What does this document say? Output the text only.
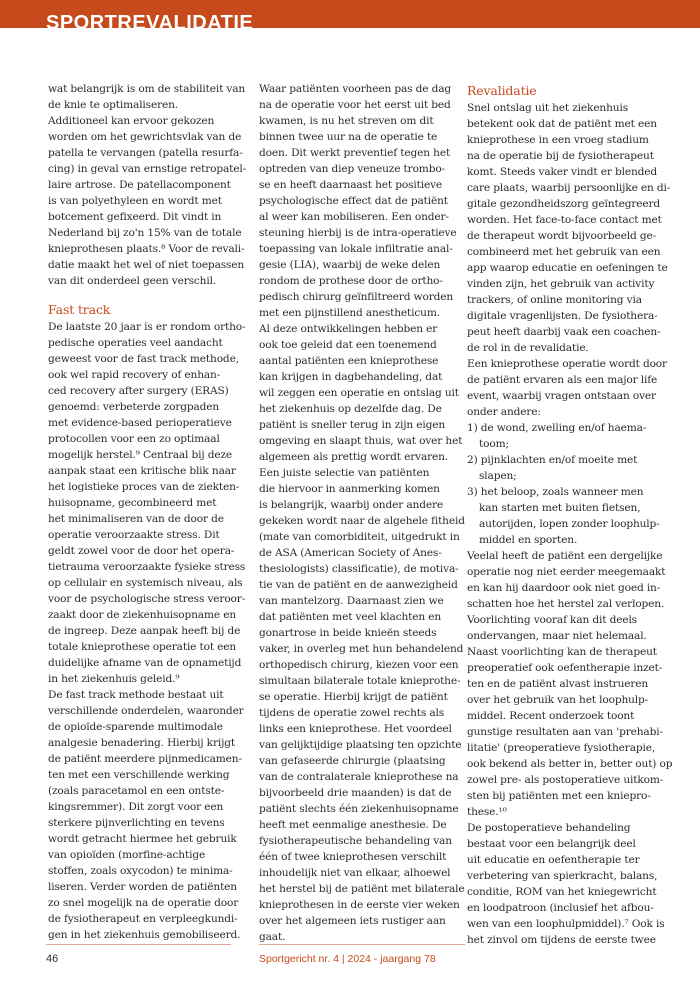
SPORTREVALIDATIE
wat belangrijk is om de stabiliteit van
de knie te optimaliseren.
Additioneel kan ervoor gekozen
worden om het gewrichtsvlak van de
patella te vervangen (patella resurfa-
cing) in geval van ernstige retropatel-
laire artrose. De patellacomponent
is van polyethyleen en wordt met
botcement gefixeerd. Dit vindt in
Nederland bij zo'n 15% van de totale
knieprothesen plaats.⁸ Voor de revali-
datie maakt het wel of niet toepassen
van dit onderdeel geen verschil.
Fast track
De laatste 20 jaar is er rondom ortho-
pedische operaties veel aandacht
geweest voor de fast track methode,
ook wel rapid recovery of enhan-
ced recovery after surgery (ERAS)
genoemd: verbeterde zorgpaden
met evidence-based perioperatieve
protocollen voor een zo optimaal
mogelijk herstel.⁹ Centraal bij deze
aanpak staat een kritische blik naar
het logistieke proces van de ziekten-
huisopname, gecombineerd met
het minimaliseren van de door de
operatie veroorzaakte stress. Dit
geldt zowel voor de door het opera-
tietrauma veroorzaakte fysieke stress
op cellulair en systemisch niveau, als
voor de psychologische stress veroor-
zaakt door de ziekenhuisopname en
de ingreep. Deze aanpak heeft bij de
totale knieprothese operatie tot een
duidelijke afname van de opnametijd
in het ziekenhuis geleid.⁹
De fast track methode bestaat uit
verschillende onderdelen, waaronder
de opioïde-sparende multimodale
analgesie benadering. Hierbij krijgt
de patiënt meerdere pijnmedicamen-
ten met een verschillende werking
(zoals paracetamol en een ontste-
kingsremmer). Dit zorgt voor een
sterkere pijnverlichting en tevens
wordt getracht hiermee het gebruik
van opioïden (morfine-achtige
stoffen, zoals oxycodon) te minima-
liseren. Verder worden de patiënten
zo snel mogelijk na de operatie door
de fysiotherapeut en verpleegkundi-
gen in het ziekenhuis gemobiliseerd.
Waar patiënten voorheen pas de dag
na de operatie voor het eerst uit bed
kwamen, is nu het streven om dit
binnen twee uur na de operatie te
doen. Dit werkt preventief tegen het
optreden van diep veneuze trombo-
se en heeft daarnaast het positieve
psychologische effect dat de patiënt
al weer kan mobiliseren. Een onder-
steuning hierbij is de intra-operatieve
toepassing van lokale infiltratie anal-
gesie (LIA), waarbij de weke delen
rondom de prothese door de ortho-
pedisch chirurg geïnfiltreerd worden
met een pijnstillend anestheticum.
Al deze ontwikkelingen hebben er
ook toe geleid dat een toenemend
aantal patiënten een knieprothese
kan krijgen in dagbehandeling, dat
wil zeggen een operatie en ontslag uit
het ziekenhuis op dezelfde dag. De
patiënt is sneller terug in zijn eigen
omgeving en slaapt thuis, wat over het
algemeen als prettig wordt ervaren.
Een juiste selectie van patiënten
die hiervoor in aanmerking komen
is belangrijk, waarbij onder andere
gekeken wordt naar de algehele fitheid
(mate van comorbiditeit, uitgedrukt in
de ASA (American Society of Anes-
thesiologists) classificatie), de motiva-
tie van de patiënt en de aanwezigheid
van mantelzorg. Daarnaast zien we
dat patiënten met veel klachten en
gonartrose in beide knieën steeds
vaker, in overleg met hun behandelend
orthopedisch chirurg, kiezen voor een
simultaan bilaterale totale knieprothe-
se operatie. Hierbij krijgt de patiënt
tijdens de operatie zowel rechts als
links een knieprothese. Het voordeel
van gelijktijdige plaatsing ten opzichte
van gefaseerde chirurgie (plaatsing
van de contralaterale knieprothese na
bijvoorbeeld drie maanden) is dat de
patiënt slechts één ziekenhuisopname
heeft met eenmalige anesthesie. De
fysiotherapeutische behandeling van
één of twee knieprothesen verschilt
inhoudelijk niet van elkaar, alhoewel
het herstel bij de patiënt met bilaterale
knieprothesen in de eerste vier weken
over het algemeen iets rustiger aan
gaat.
Revalidatie
Snel ontslag uit het ziekenhuis
betekent ook dat de patiënt met een
knieprothese in een vroeg stadium
na de operatie bij de fysiotherapeut
komt. Steeds vaker vindt er blended
care plaats, waarbij persoonlijke en di-
gitale gezondheidszorg geïntegreerd
worden. Het face-to-face contact met
de therapeut wordt bijvoorbeeld ge-
combineerd met het gebruik van een
app waarop educatie en oefeningen te
vinden zijn, het gebruik van activity
trackers, of online monitoring via
digitale vragenlijsten. De fysiothera-
peut heeft daarbij vaak een coachen-
de rol in de revalidatie.
Een knieprothese operatie wordt door
de patiënt ervaren als een major life
event, waarbij vragen ontstaan over
onder andere:
1) de wond, zwelling en/of haema-
toom;
2) pijnklachten en/of moeite met
slapen;
3) het beloop, zoals wanneer men
kan starten met buiten fietsen,
autorijden, lopen zonder loophulp-
middel en sporten.
Veelal heeft de patiënt een dergelijke
operatie nog niet eerder meegemaakt
en kan hij daardoor ook niet goed in-
schatten hoe het herstel zal verlopen.
Voorlichting vooraf kan dit deels
ondervangen, maar niet helemaal.
Naast voorlichting kan de therapeut
preoperatief ook oefentherapie inzet-
ten en de patiënt alvast instrueren
over het gebruik van het loophulp-
middel. Recent onderzoek toont
gunstige resultaten aan van 'prehabi-
litatie' (preoperatieve fysiotherapie,
ook bekend als better in, better out) op
zowel pre- als postoperatieve uitkom-
sten bij patiënten met een kniepro-
these.¹⁰
De postoperatieve behandeling
bestaat voor een belangrijk deel
uit educatie en oefentherapie ter
verbetering van spierkracht, balans,
conditie, ROM van het kniegewricht
en loodpatroon (inclusief het afbou-
wen van een loophulpmiddel).⁷ Ook is
het zinvol om tijdens de eerste twee
46	Sportgericht nr. 4 | 2024 - jaargang 78
